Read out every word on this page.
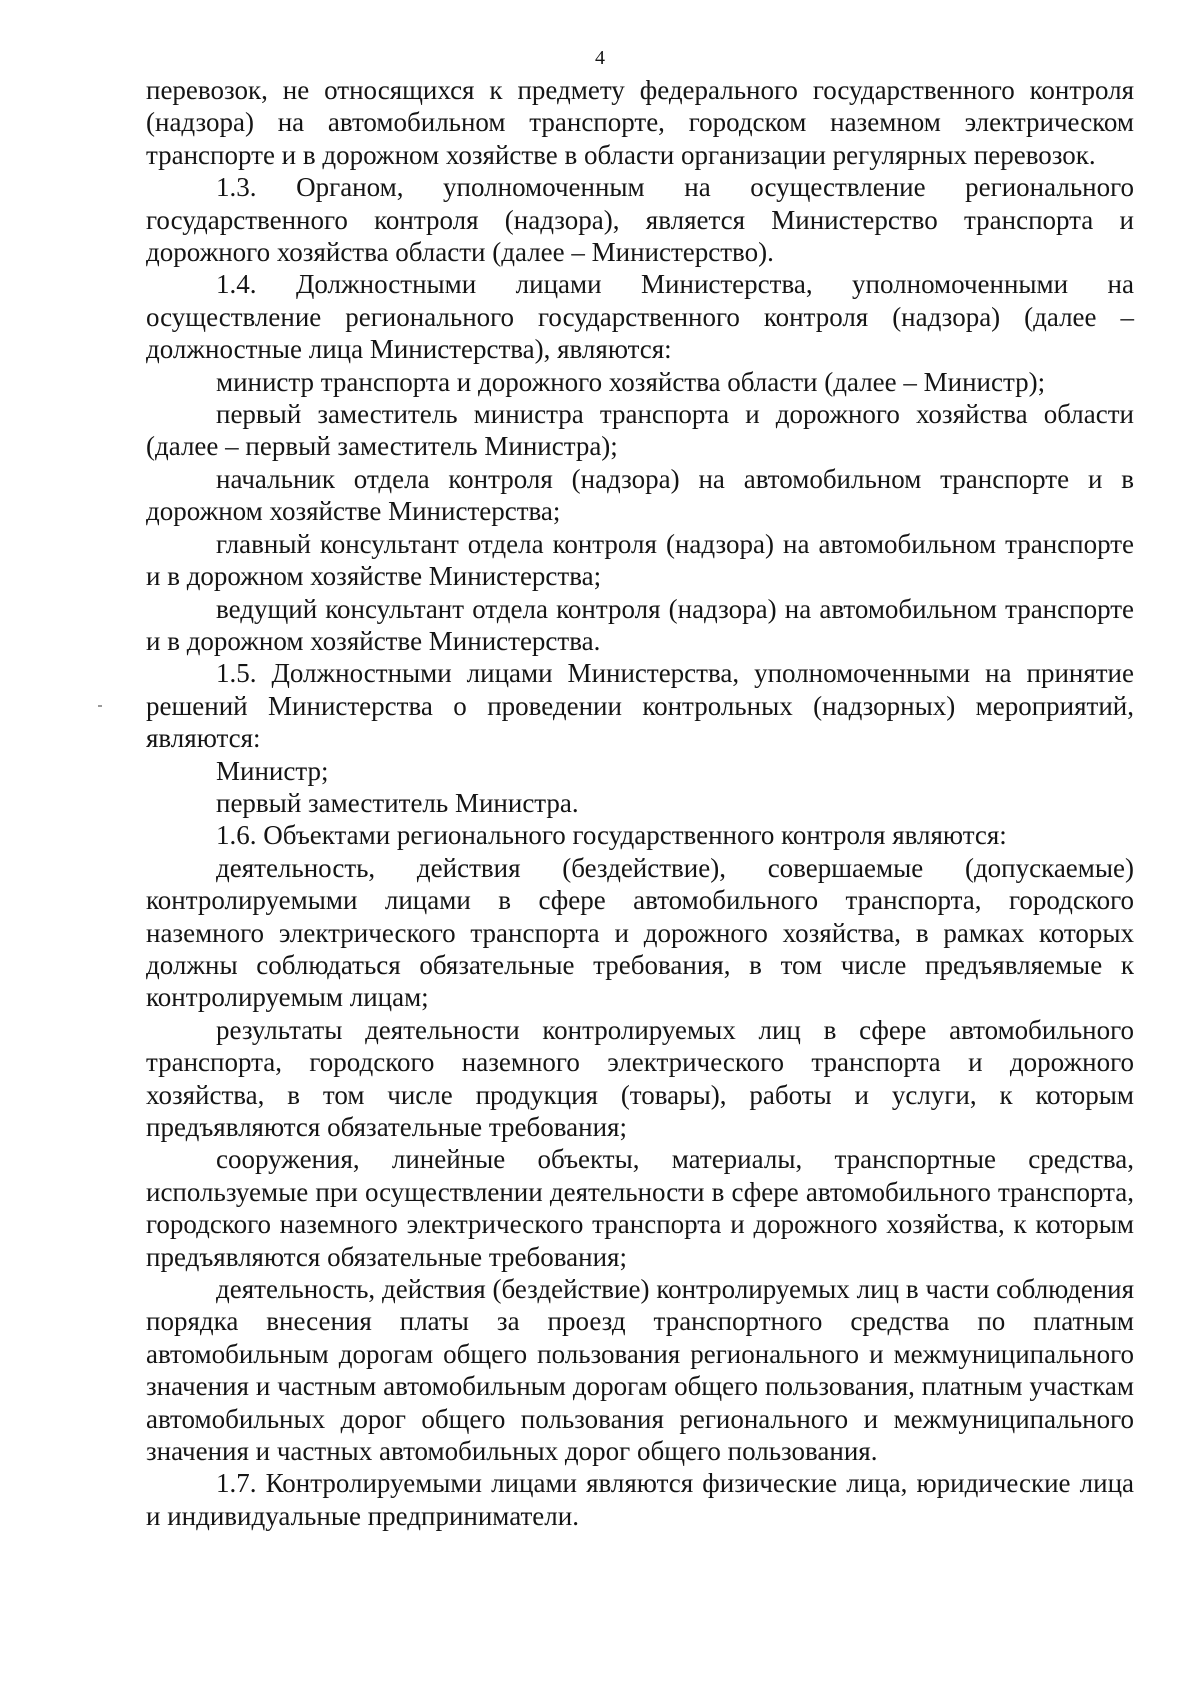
4

перевозок, не относящихся к предмету федерального государственного контроля (надзора) на автомобильном транспорте, городском наземном электрическом транспорте и в дорожном хозяйстве в области организации регулярных перевозок.

1.3. Органом, уполномоченным на осуществление регионального государственного контроля (надзора), является Министерство транспорта и дорожного хозяйства области (далее – Министерство).

1.4. Должностными лицами Министерства, уполномоченными на осуществление регионального государственного контроля (надзора) (далее – должностные лица Министерства), являются:

министр транспорта и дорожного хозяйства области (далее – Министр);

первый заместитель министра транспорта и дорожного хозяйства области (далее – первый заместитель Министра);

начальник отдела контроля (надзора) на автомобильном транспорте и в дорожном хозяйстве Министерства;

главный консультант отдела контроля (надзора) на автомобильном транспорте и в дорожном хозяйстве Министерства;

ведущий консультант отдела контроля (надзора) на автомобильном транспорте и в дорожном хозяйстве Министерства.

1.5. Должностными лицами Министерства, уполномоченными на принятие решений Министерства о проведении контрольных (надзорных) мероприятий, являются:

Министр;

первый заместитель Министра.

1.6. Объектами регионального государственного контроля являются:

деятельность, действия (бездействие), совершаемые (допускаемые) контролируемыми лицами в сфере автомобильного транспорта, городского наземного электрического транспорта и дорожного хозяйства, в рамках которых должны соблюдаться обязательные требования, в том числе предъявляемые к контролируемым лицам;

результаты деятельности контролируемых лиц в сфере автомобильного транспорта, городского наземного электрического транспорта и дорожного хозяйства, в том числе продукция (товары), работы и услуги, к которым предъявляются обязательные требования;

сооружения, линейные объекты, материалы, транспортные средства, используемые при осуществлении деятельности в сфере автомобильного транспорта, городского наземного электрического транспорта и дорожного хозяйства, к которым предъявляются обязательные требования;

деятельность, действия (бездействие) контролируемых лиц в части соблюдения порядка внесения платы за проезд транспортного средства по платным автомобильным дорогам общего пользования регионального и межмуниципального значения и частным автомобильным дорогам общего пользования, платным участкам автомобильных дорог общего пользования регионального и межмуниципального значения и частных автомобильных дорог общего пользования.

1.7. Контролируемыми лицами являются физические лица, юридические лица и индивидуальные предприниматели.
